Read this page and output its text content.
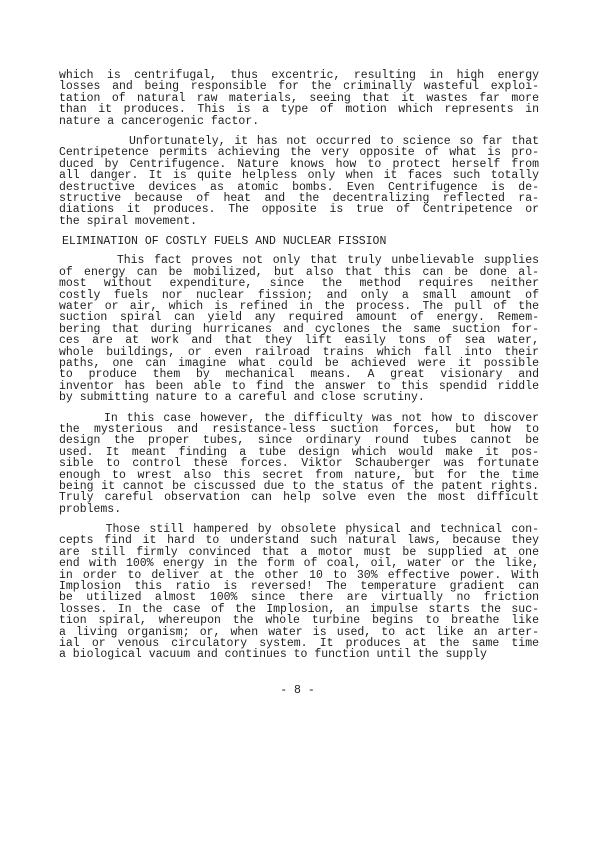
which is centrifugal, thus excentric, resulting in high energy
losses and being responsible for the criminally wasteful exploi-
tation of natural raw materials, seeing that it wastes far more
than it produces. This is a type of motion which represents in
nature a cancerogenic factor.
Unfortunately, it has not occurred to science so far that
Centripetence permits achieving the very opposite of what is pro-
duced by Centrifugence. Nature knows how to protect herself from
all danger. It is quite helpless only when it faces such totally
destructive devices as atomic bombs. Even Centrifugence is de-
structive because of heat and the decentralizing reflected ra-
diations it produces. The opposite is true of Centripetence or
the spiral movement.
ELIMINATION OF COSTLY FUELS AND NUCLEAR FISSION
This fact proves not only that truly unbelievable supplies
of energy can be mobilized, but also that this can be done al-
most without expenditure, since the method requires neither
costly fuels nor nuclear fission; and only a small amount of
water or air, which is refined in the process. The pull of the
suction spiral can yield any required amount of energy. Remem-
bering that during hurricanes and cyclones the same suction for-
ces are at work and that they lift easily tons of sea water,
whole buildings, or even railroad trains which fall into their
paths, one can imagine what could be achieved were it possible
to produce them by mechanical means. A great visionary and
inventor has been able to find the answer to this spendid riddle
by submitting nature to a careful and close scrutiny.
In this case however, the difficulty was not how to discover
the mysterious and resistance-less suction forces, but how to
design the proper tubes, since ordinary round tubes cannot be
used. It meant finding a tube design which would make it pos-
sible to control these forces. Viktor Schauberger was fortunate
enough to wrest also this secret from nature, but for the time
being it cannot be ciscussed due to the status of the patent rights.
Truly careful observation can help solve even the most difficult
problems.
Those still hampered by obsolete physical and technical con-
cepts find it hard to understand such natural laws, because they
are still firmly convinced that a motor must be supplied at one
end with 100% energy in the form of coal, oil, water or the like,
in order to deliver at the other 10 to 30% effective power. With
Implosion this ratio is reversed! The temperature gradient can
be utilized almost 100% since there are virtually no friction
losses. In the case of the Implosion, an impulse starts the suc-
tion spiral, whereupon the whole turbine begins to breathe like
a living organism; or, when water is used, to act like an arter-
ial or venous circulatory system. It produces at the same time
a biological vacuum and continues to function until the supply
- 8 -
